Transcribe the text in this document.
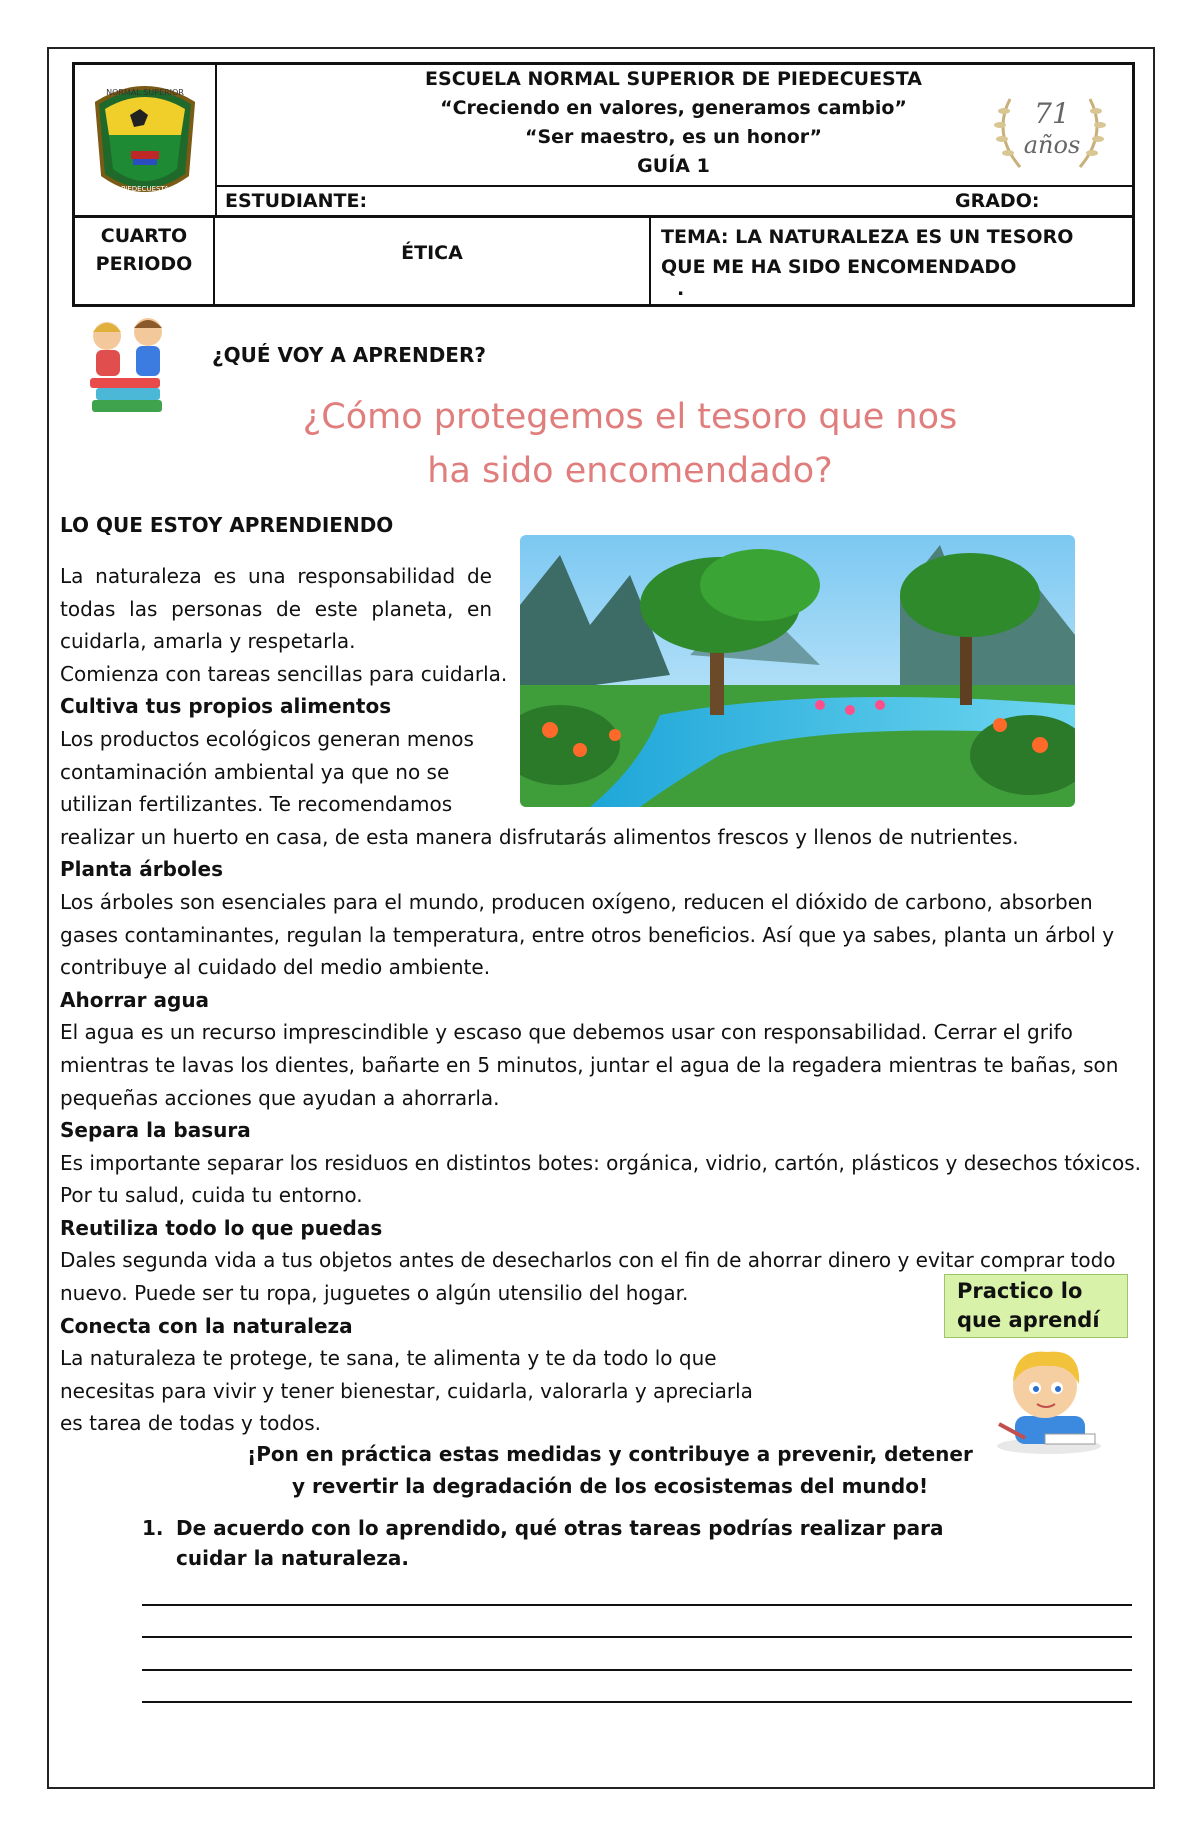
NORMAL SUPERIOR
PIEDECUESTA
ESCUELA NORMAL SUPERIOR DE PIEDECUESTA
“Creciendo en valores, generamos cambio”
“Ser maestro, es un honor”
GUÍA 1
71
años
ESTUDIANTE:	GRADO:
CUARTO PERIODO	ÉTICA
TEMA: LA NATURALEZA ES UN TESORO QUE ME HA SIDO ENCOMENDADO
.
¿QUÉ VOY A APRENDER?
¿Cómo protegemos el tesoro que nos ha sido encomendado?
LO QUE ESTOY APRENDIENDO

La naturaleza es una responsabilidad de todas las personas de este planeta, en cuidarla, amarla y respetarla.

Comienza con tareas sencillas para cuidarla.

Cultiva tus propios alimentos

Los productos ecológicos generan menos contaminación ambiental ya que no se utilizan fertilizantes. Te recomendamos

realizar un huerto en casa, de esta manera disfrutarás alimentos frescos y llenos de nutrientes.

Planta árboles

Los árboles son esenciales para el mundo, producen oxígeno, reducen el dióxido de carbono, absorben gases contaminantes, regulan la temperatura, entre otros beneficios. Así que ya sabes, planta un árbol y contribuye al cuidado del medio ambiente.

Ahorrar agua

El agua es un recurso imprescindible y escaso que debemos usar con responsabilidad. Cerrar el grifo mientras te lavas los dientes, bañarte en 5 minutos, juntar el agua de la regadera mientras te bañas, son pequeñas acciones que ayudan a ahorrarla.

Separa la basura

Es importante separar los residuos en distintos botes: orgánica, vidrio, cartón, plásticos y desechos tóxicos. Por tu salud, cuida tu entorno.

Reutiliza todo lo que puedas

Dales segunda vida a tus objetos antes de desecharlos con el fin de ahorrar dinero y evitar comprar todo nuevo. Puede ser tu ropa, juguetes o algún utensilio del hogar.

Conecta con la naturaleza

La naturaleza te protege, te sana, te alimenta y te da todo lo que necesitas para vivir y tener bienestar, cuidarla, valorarla y apreciarla es tarea de todas y todos.

Practico lo que aprendí
¡Pon en práctica estas medidas y contribuye a prevenir, detener y revertir la degradación de los ecosistemas del mundo!
1. De acuerdo con lo aprendido, qué otras tareas podrías realizar para cuidar la naturaleza.
